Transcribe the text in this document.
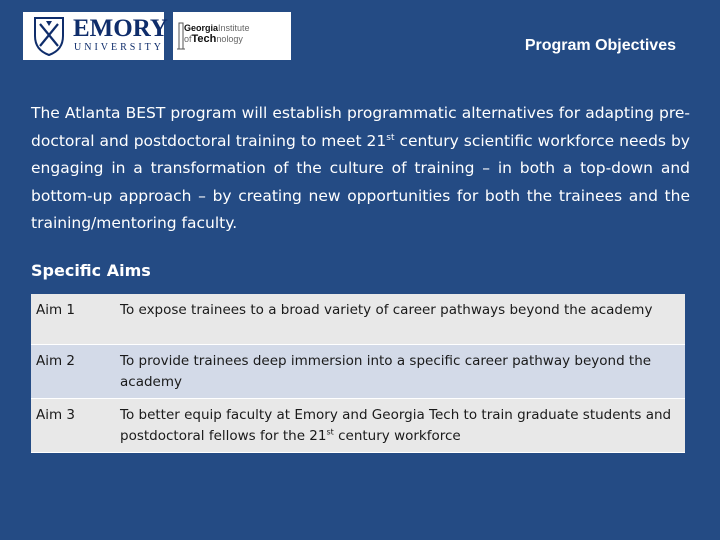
EMORY
UNIVERSITY
GeorgiaInstitute
ofTechnology	Program Objectives

The Atlanta BEST program will establish programmatic alternatives for adapting pre-doctoral and postdoctoral training to meet 21st century scientific workforce needs by engaging in a transformation of the culture of training – in both a top-down and bottom-up approach – by creating new opportunities for both the trainees and the training/mentoring faculty.

Specific Aims
Aim 1	To expose trainees to a broad variety of career pathways beyond the academy
Aim 2	To provide trainees deep immersion into a specific career pathway beyond the academy
Aim 3	To better equip faculty at Emory and Georgia Tech to train graduate students and postdoctoral fellows for the 21st century workforce
